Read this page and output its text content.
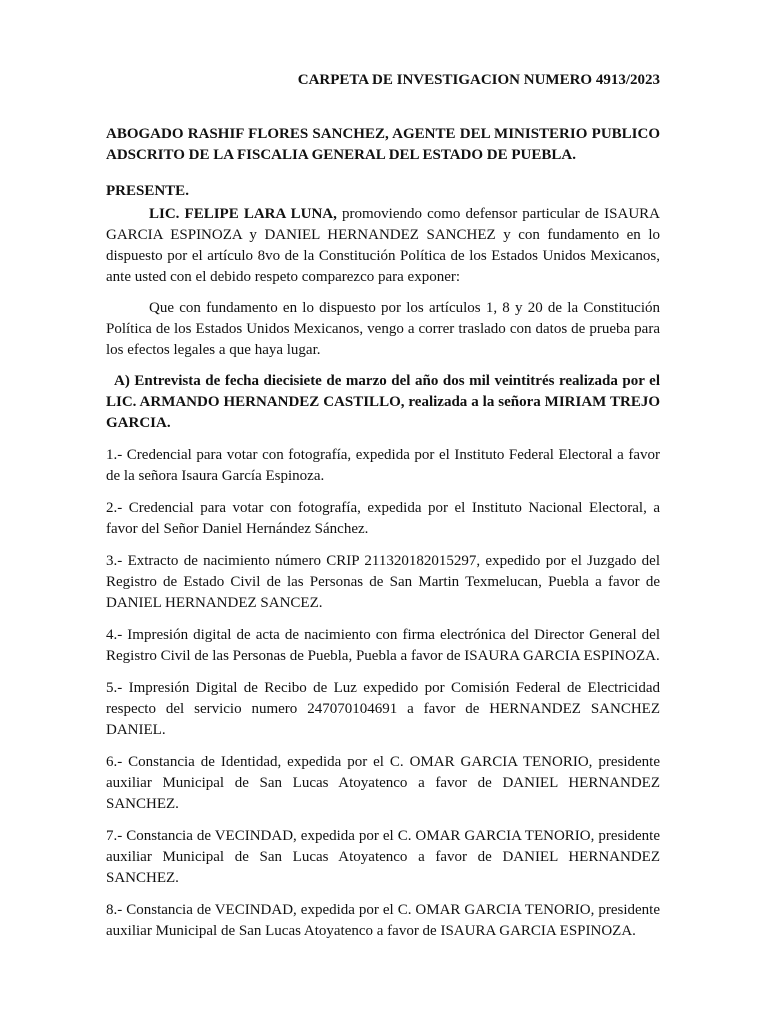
CARPETA DE INVESTIGACION NUMERO 4913/2023
ABOGADO RASHIF FLORES SANCHEZ, AGENTE DEL MINISTERIO PUBLICO ADSCRITO DE LA FISCALIA GENERAL DEL ESTADO DE PUEBLA.
PRESENTE.

LIC. FELIPE LARA LUNA, promoviendo como defensor particular de ISAURA GARCIA ESPINOZA y DANIEL HERNANDEZ SANCHEZ y con fundamento en lo dispuesto por el artículo 8vo de la Constitución Política de los Estados Unidos Mexicanos, ante usted con el debido respeto comparezco para exponer:

Que con fundamento en lo dispuesto por los artículos 1, 8 y 20 de la Constitución Política de los Estados Unidos Mexicanos, vengo a correr traslado con datos de prueba para los efectos legales a que haya lugar.

A) Entrevista de fecha diecisiete de marzo del año dos mil veintitrés realizada por el LIC. ARMANDO HERNANDEZ CASTILLO, realizada a la señora MIRIAM TREJO GARCIA.
1.- Credencial para votar con fotografía, expedida por el Instituto Federal Electoral a favor de la señora Isaura García Espinoza.
2.- Credencial para votar con fotografía, expedida por el Instituto Nacional Electoral, a favor del Señor Daniel Hernández Sánchez.
3.- Extracto de nacimiento número CRIP 211320182015297, expedido por el Juzgado del Registro de Estado Civil de las Personas de San Martin Texmelucan, Puebla a favor de DANIEL HERNANDEZ SANCEZ.
4.- Impresión digital de acta de nacimiento con firma electrónica del Director General del Registro Civil de las Personas de Puebla, Puebla a favor de ISAURA GARCIA ESPINOZA.
5.- Impresión Digital de Recibo de Luz expedido por Comisión Federal de Electricidad respecto del servicio numero 247070104691 a favor de HERNANDEZ SANCHEZ DANIEL.
6.- Constancia de Identidad, expedida por el C. OMAR GARCIA TENORIO, presidente auxiliar Municipal de San Lucas Atoyatenco a favor de DANIEL HERNANDEZ SANCHEZ.
7.- Constancia de VECINDAD, expedida por el C. OMAR GARCIA TENORIO, presidente auxiliar Municipal de San Lucas Atoyatenco a favor de DANIEL HERNANDEZ SANCHEZ.
8.- Constancia de VECINDAD, expedida por el C. OMAR GARCIA TENORIO, presidente auxiliar Municipal de San Lucas Atoyatenco a favor de ISAURA GARCIA ESPINOZA.
